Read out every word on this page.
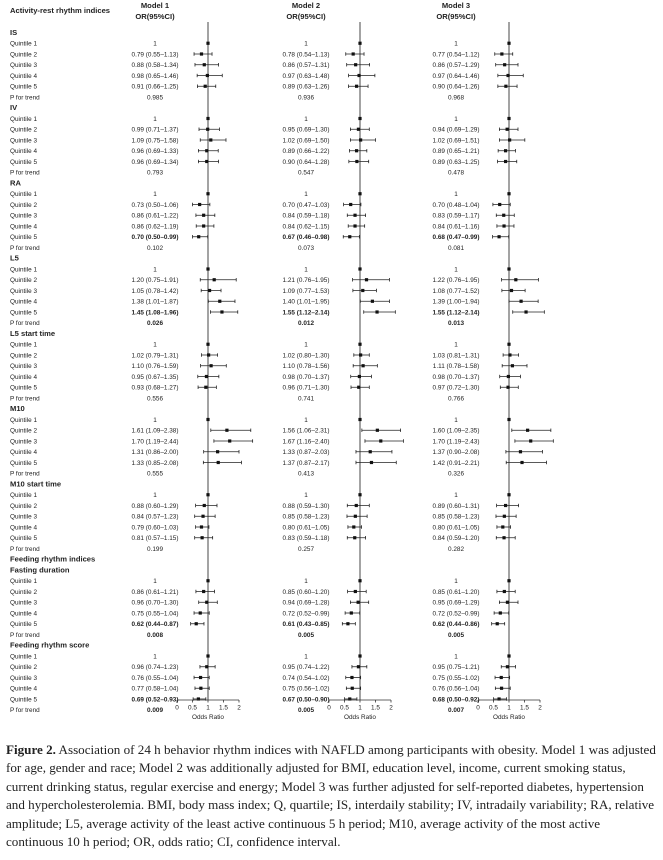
Activity-rest rhythm indices
Model 1
OR(95%CI)
Model 2
OR(95%CI)
Model 3
OR(95%CI)
IS
Quintile 1	1	1	1
Quintile 2	0.79 (0.55–1.13)	0.78 (0.54–1.13)	0.77 (0.54–1.12)
Quintile 3	0.88 (0.58–1.34)	0.86 (0.57–1.31)	0.86 (0.57–1.29)
Quintile 4	0.98 (0.65–1.46)	0.97 (0.63–1.48)	0.97 (0.64–1.46)
Quintile 5	0.91 (0.66–1.25)	0.89 (0.63–1.26)	0.90 (0.64–1.26)
P for trend	0.985	0.936	0.968
IV
Quintile 1	1	1	1
Quintile 2	0.99 (0.71–1.37)	0.95 (0.69–1.30)	0.94 (0.69–1.29)
Quintile 3	1.09 (0.75–1.58)	1.02 (0.69–1.50)	1.02 (0.69–1.51)
Quintile 4	0.96 (0.69–1.33)	0.89 (0.66–1.22)	0.89 (0.65–1.21)
Quintile 5	0.96 (0.69–1.34)	0.90 (0.64–1.28)	0.89 (0.63–1.25)
P for trend	0.793	0.547	0.478
RA
Quintile 1	1	1	1
Quintile 2	0.73 (0.50–1.06)	0.70 (0.47–1.03)	0.70 (0.48–1.04)
Quintile 3	0.86 (0.61–1.22)	0.84 (0.59–1.18)	0.83 (0.59–1.17)
Quintile 4	0.86 (0.62–1.19)	0.84 (0.62–1.15)	0.84 (0.61–1.16)
Quintile 5	0.70 (0.50–0.99)	0.67 (0.46–0.98)	0.68 (0.47–0.99)
P for trend	0.102	0.073	0.081
L5
Quintile 1	1	1	1
Quintile 2	1.20 (0.75–1.91)	1.21 (0.76–1.95)	1.22 (0.76–1.95)
Quintile 3	1.05 (0.78–1.42)	1.09 (0.77–1.53)	1.08 (0.77–1.52)
Quintile 4	1.38 (1.01–1.87)	1.40 (1.01–1.95)	1.39 (1.00–1.94)
Quintile 5	1.45 (1.08–1.96)	1.55 (1.12–2.14)	1.55 (1.12–2.14)
P for trend	0.026	0.012	0.013
L5 start time
Quintile 1	1	1	1
Quintile 2	1.02 (0.79–1.31)	1.02 (0.80–1.30)	1.03 (0.81–1.31)
Quintile 3	1.10 (0.76–1.59)	1.10 (0.78–1.56)	1.11 (0.78–1.58)
Quintile 4	0.95 (0.67–1.35)	0.98 (0.70–1.37)	0.98 (0.70–1.37)
Quintile 5	0.93 (0.68–1.27)	0.96 (0.71–1.30)	0.97 (0.72–1.30)
P for trend	0.556	0.741	0.766
M10
Quintile 1	1	1	1
Quintile 2	1.61 (1.09–2.38)	1.56 (1.06–2.31)	1.60 (1.09–2.35)
Quintile 3	1.70 (1.19–2.44)	1.67 (1.16–2.40)	1.70 (1.19–2.43)
Quintile 4	1.31 (0.86–2.00)	1.33 (0.87–2.03)	1.37 (0.90–2.08)
Quintile 5	1.33 (0.85–2.08)	1.37 (0.87–2.17)	1.42 (0.91–2.21)
P for trend	0.555	0.413	0.326
M10 start time
Quintile 1	1	1	1
Quintile 2	0.88 (0.60–1.29)	0.88 (0.59–1.30)	0.89 (0.60–1.31)
Quintile 3	0.84 (0.57–1.23)	0.85 (0.58–1.23)	0.85 (0.58–1.23)
Quintile 4	0.79 (0.60–1.03)	0.80 (0.61–1.05)	0.80 (0.61–1.05)
Quintile 5	0.81 (0.57–1.15)	0.83 (0.59–1.18)	0.84 (0.59–1.20)
P for trend	0.199	0.257	0.282
Feeding rhythm indices
Fasting duration
Quintile 1	1	1	1
Quintile 2	0.86 (0.61–1.21)	0.85 (0.60–1.20)	0.85 (0.61–1.20)
Quintile 3	0.96 (0.70–1.30)	0.94 (0.69–1.28)	0.95 (0.69–1.29)
Quintile 4	0.75 (0.55–1.04)	0.72 (0.52–0.99)	0.72 (0.52–0.99)
Quintile 5	0.62 (0.44–0.87)	0.61 (0.43–0.85)	0.62 (0.44–0.86)
P for trend	0.008	0.005	0.005
Feeding rhythm score
Quintile 1	1	1	1
Quintile 2	0.96 (0.74–1.23)	0.95 (0.74–1.22)	0.95 (0.75–1.21)
Quintile 3	0.76 (0.55–1.04)	0.74 (0.54–1.02)	0.75 (0.55–1.02)
Quintile 4	0.77 (0.58–1.04)	0.75 (0.56–1.02)	0.76 (0.56–1.04)
Quintile 5	0.69 (0.52–0.93)	0.67 (0.50–0.90)	0.68 (0.50–0.92)
P for trend	0.009	0.005	0.007
0 0.5 1 1.5 2
Odds Ratio
0 0.5 1 1.5 2
Odds Ratio
0 0.5 1 1.5 2
Odds Ratio

Figure 2. Association of 24 h behavior rhythm indices with NAFLD among participants with obesity. Model 1 was adjusted for age, gender and race; Model 2 was additionally adjusted for BMI, education level, income, current smoking status, current drinking status, regular exercise and energy; Model 3 was further adjusted for self-reported diabetes, hypertension and hypercholesterolemia. BMI, body mass index; Q, quartile; IS, interdaily stability; IV, intradaily variability; RA, relative amplitude; L5, average activity of the least active continuous 5 h period; M10, average activity of the most active continuous 10 h period; OR, odds ratio; CI, confidence interval.
